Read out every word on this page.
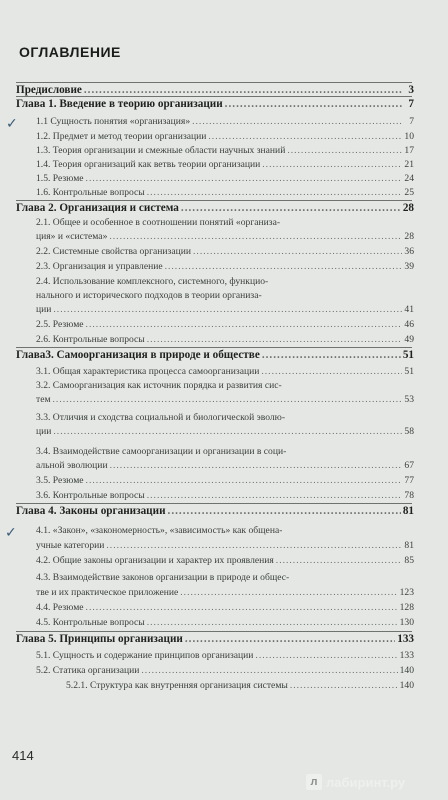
ОГЛАВЛЕНИЕ
Предисловие .....	3
Глава 1. Введение в теорию организации .....	7
1.1 Сущность понятия «организация» .....	7
1.2. Предмет и метод теории организации .....	10
1.3. Теория организации и смежные области научных знаний .....	17
1.4. Теория организаций как ветвь теории организации .....	21
1.5. Резюме .....	24
1.6. Контрольные вопросы .....	25
Глава 2. Организация и система .....	28
2.1. Общее и особенное в соотношении понятий «организа-
ция» и «система» .....	28
2.2. Системные свойства организации .....	36
2.3. Организация и управление .....	39
2.4. Использование комплексного, системного, функцио-
нального и исторического подходов в теории организа-
ции .....	41
2.5. Резюме .....	46
2.6. Контрольные вопросы .....	49
Глава3. Самоорганизация в природе и обществе .....	51
3.1. Общая характеристика процесса самоорганизации .....	51
3.2. Самоорганизация как источник порядка и развития сис-
тем .....	53
3.3. Отличия и сходства социальной и биологической эволю-
ции .....	58
3.4. Взаимодействие самоорганизации и организации в соци-
альной эволюции .....	67
3.5. Резюме .....	77
3.6. Контрольные вопросы .....	78
Глава 4. Законы организации .....	81
4.1. «Закон», «закономерность», «зависимость» как общена-
учные категории .....	81
4.2. Общие законы организации и характер их проявления .....	85
4.3. Взаимодействие законов организации в природе и общес-
тве и их практическое приложение .....	123
4.4. Резюме .....	128
4.5. Контрольные вопросы .....	130
Глава 5. Принципы организации .....	133
5.1. Сущность и содержание принципов организации .....	133
5.2. Статика организации .....	140
5.2.1. Структура как внутренняя организация системы .....	140
✓
✓
414
л лабиринт.ру
